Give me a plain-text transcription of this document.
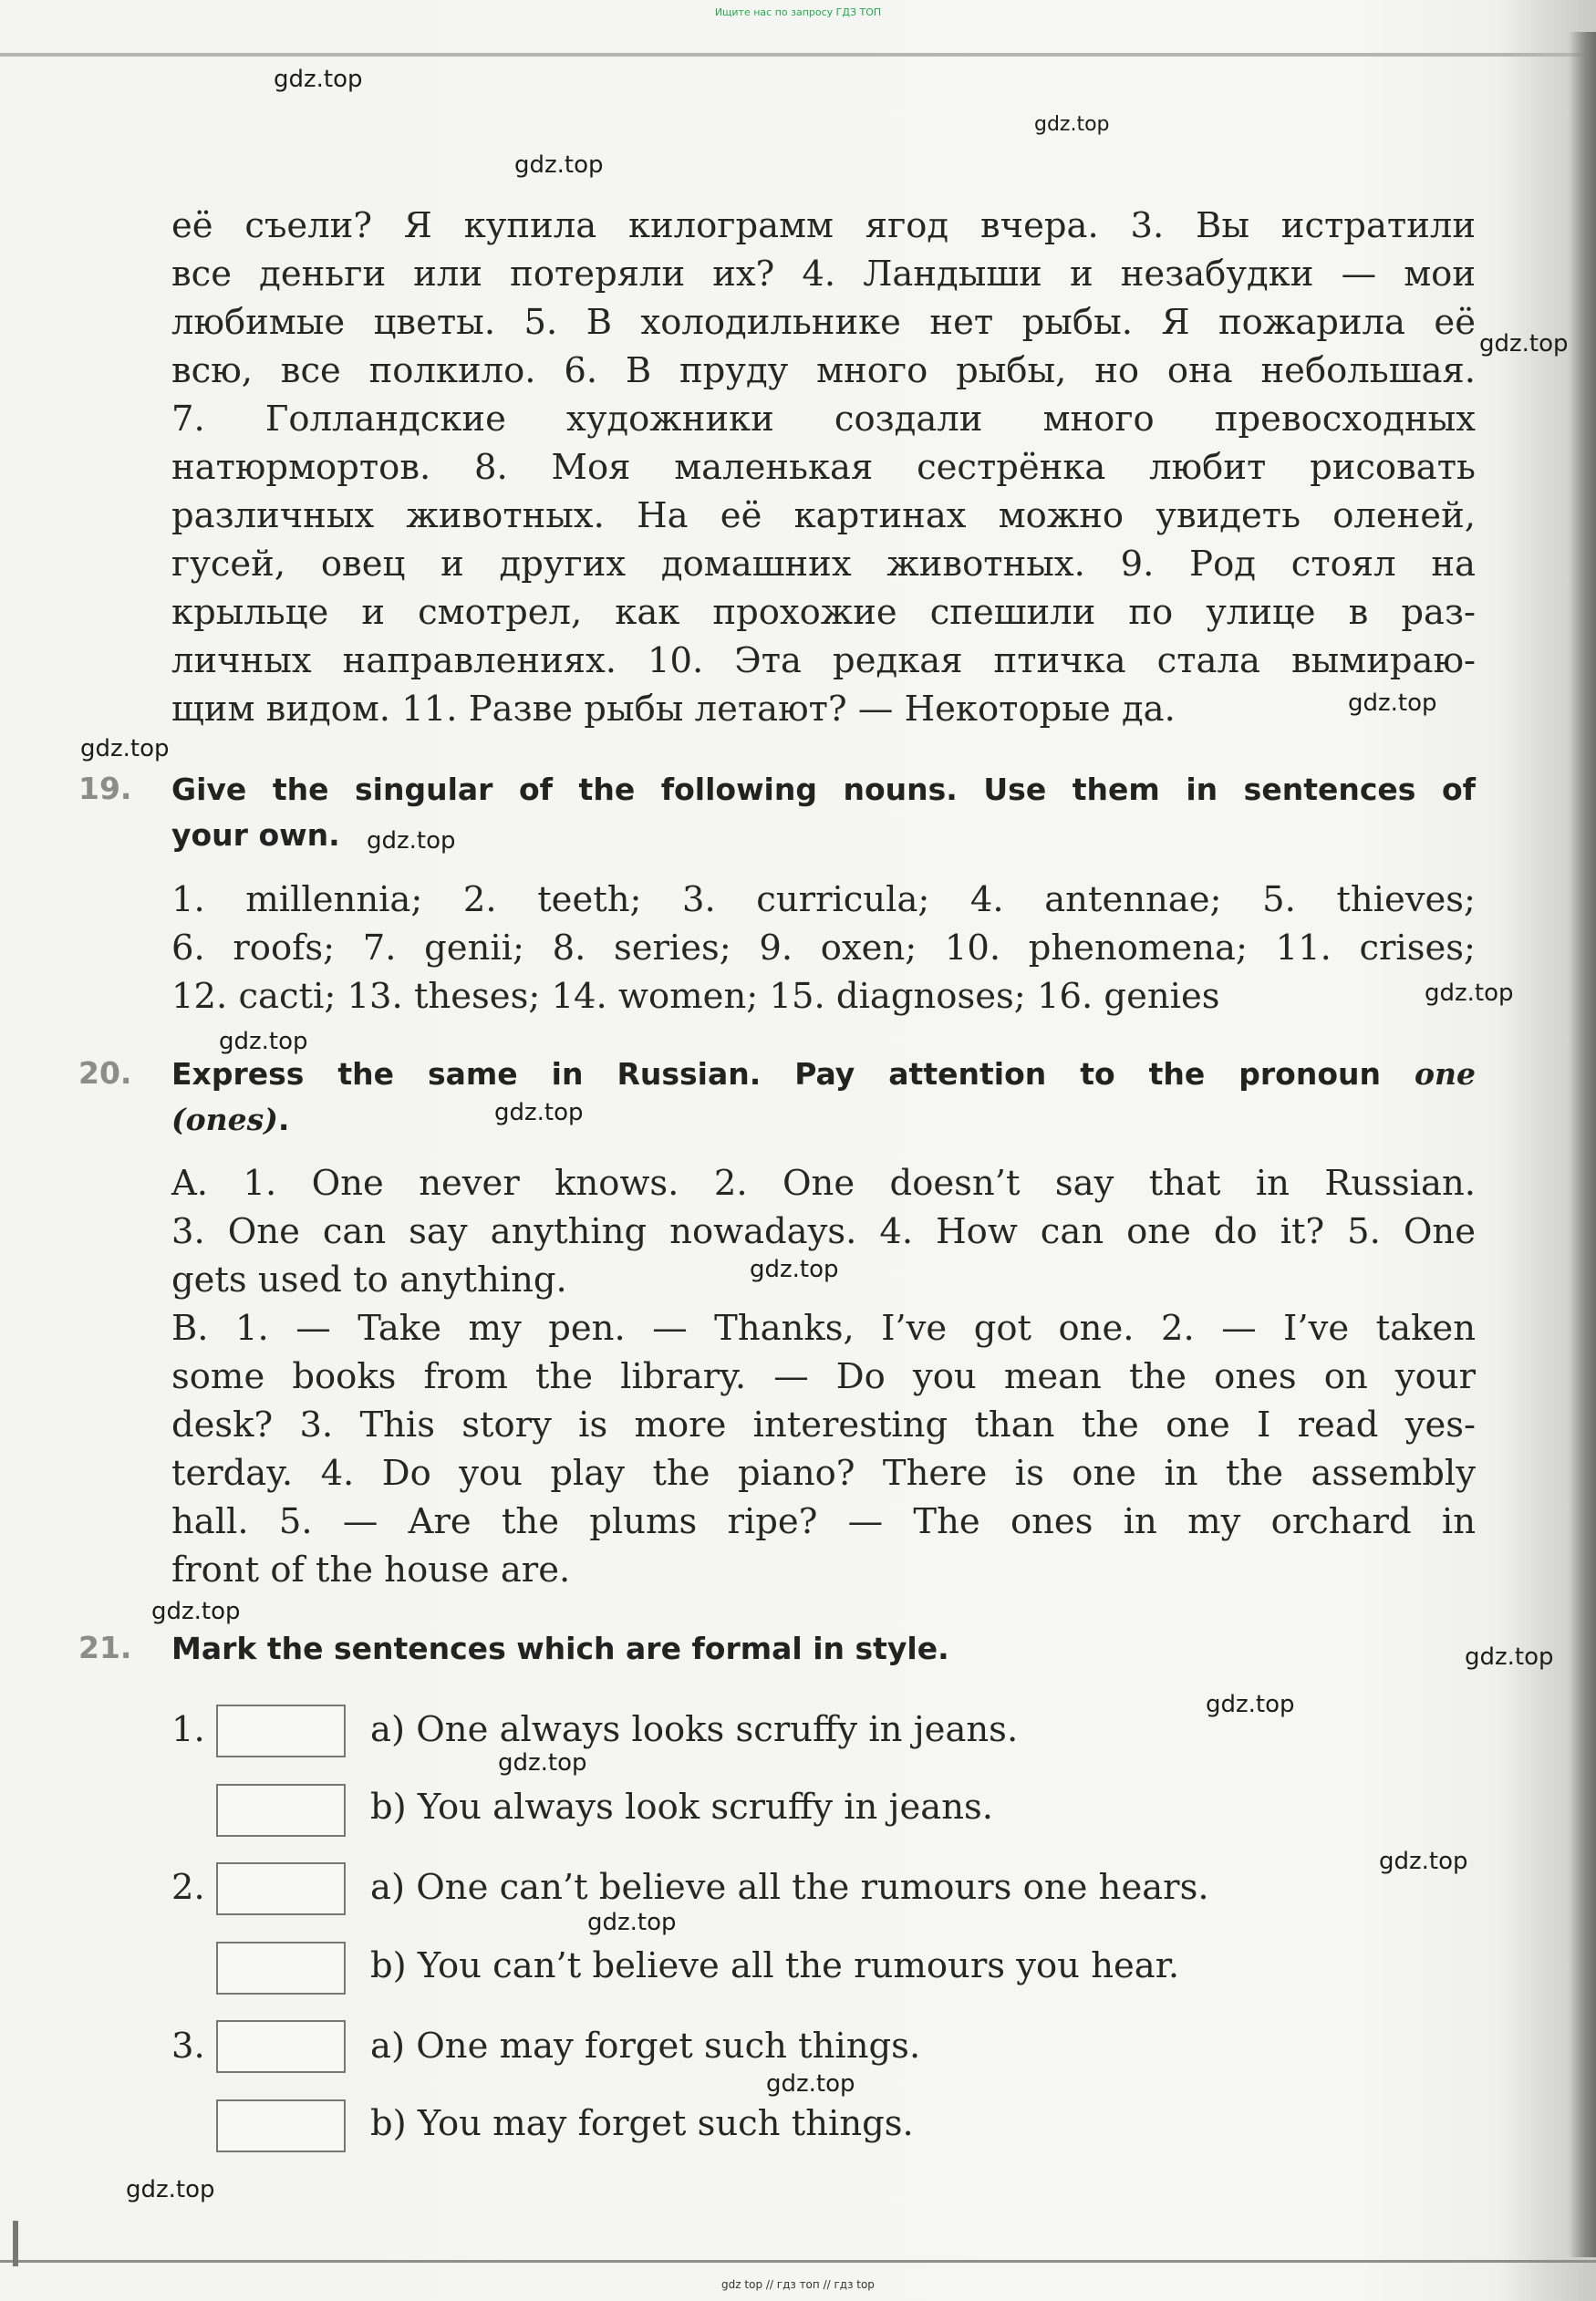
Ищите нас по запросу ГДЗ ТОП
gdz top // гдз топ // гдз top
её съели? Я купила килограмм ягод вчера. 3. Вы истратили
все деньги или потеряли их? 4. Ландыши и незабудки — мои
любимые цветы. 5. В холодильнике нет рыбы. Я пожарила её
всю, все полкило. 6. В пруду много рыбы, но она небольшая.
7. Голландские художники создали много превосходных
натюрмортов. 8. Моя маленькая сестрёнка любит рисовать
различных животных. На её картинах можно увидеть оленей,
гусей, овец и других домашних животных. 9. Род стоял на
крыльце и смотрел, как прохожие спешили по улице в раз-
личных направлениях. 10. Эта редкая птичка стала вымираю-
щим видом. 11. Разве рыбы летают? — Некоторые да.
19. Give the singular of the following nouns. Use them in sentences of
your own.
1. millennia; 2. teeth; 3. curricula; 4. antennae; 5. thieves;
6. roofs; 7. genii; 8. series; 9. oxen; 10. phenomena; 11. crises;
12. cacti; 13. theses; 14. women; 15. diagnoses; 16. genies
20. Express the same in Russian. Pay attention to the pronoun one
(ones).
A. 1. One never knows. 2. One doesn’t say that in Russian.
3. One can say anything nowadays. 4. How can one do it? 5. One
gets used to anything.
B. 1. — Take my pen. — Thanks, I’ve got one. 2. — I’ve taken
some books from the library. — Do you mean the ones on your
desk? 3. This story is more interesting than the one I read yes-
terday. 4. Do you play the piano? There is one in the assembly
hall. 5. — Are the plums ripe? — The ones in my orchard in
front of the house are.
21. Mark the sentences which are formal in style.
1.	a) One always looks scruffy in jeans.
b) You always look scruffy in jeans.
2.	a) One can’t believe all the rumours one hears.
b) You can’t believe all the rumours you hear.
3.	a) One may forget such things.
b) You may forget such things.
gdz.top
gdz.top
gdz.top
gdz.top
gdz.top
gdz.top
gdz.top
gdz.top
gdz.top
gdz.top
gdz.top
gdz.top
gdz.top
gdz.top
gdz.top
gdz.top
gdz.top
gdz.top
gdz.top
